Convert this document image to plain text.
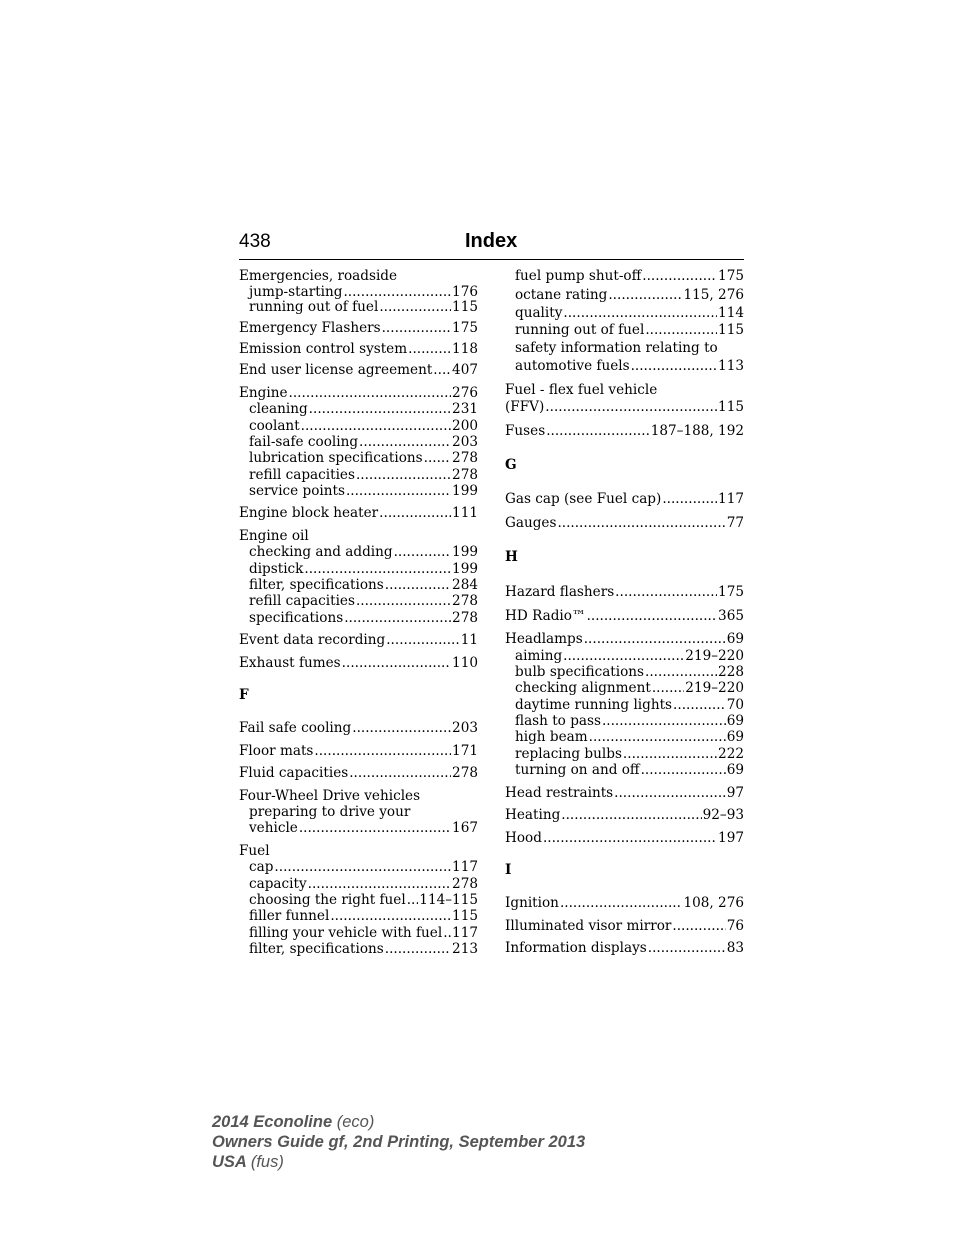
438	Index
Emergencies, roadside
jump-starting .....	176
running out of fuel .....	115
Emergency Flashers .....	175
Emission control system .....	118
End user license agreement ..... 407
Engine .....	276
cleaning .....	231
coolant .....	200
fail-safe cooling .....	203
lubrication specifications ..... 278
refill capacities .....	278
service points .....	199
Engine block heater .....	111
Engine oil
checking and adding .....	199
dipstick .....	199
filter, specifications .....	284
refill capacities .....	278
specifications .....	278
Event data recording .....	11
Exhaust fumes .....	110
F
Fail safe cooling .....	203
Floor mats .....	171
Fluid capacities .....	278
Four-Wheel Drive vehicles
preparing to drive your
vehicle .....	167
Fuel
cap .....	117
capacity .....	278
choosing the right fuel ..... 114–115
filler funnel .....	115
filling your vehicle with fuel ..... 117
filter, specifications .....	213
fuel pump shut-off .....	175
octane rating .....	115, 276
quality .....	114
running out of fuel .....	115
safety information relating to
automotive fuels .....	113
Fuel - flex fuel vehicle
(FFV) .....	115
Fuses .....	187–188, 192
G
Gas cap (see Fuel cap) .....	117
Gauges .....	77
H
Hazard flashers .....	175
HD Radio™ .....	365
Headlamps .....	69
aiming .....	219–220
bulb specifications .....	228
checking alignment .....	219–220
daytime running lights .....	70
flash to pass .....	69
high beam .....	69
replacing bulbs .....	222
turning on and off .....	69
Head restraints .....	97
Heating .....	92–93
Hood .....	197
I
Ignition .....	108, 276
Illuminated visor mirror .....	76
Information displays .....	83
2014 Econoline (eco)
Owners Guide gf, 2nd Printing, September 2013
USA (fus)
